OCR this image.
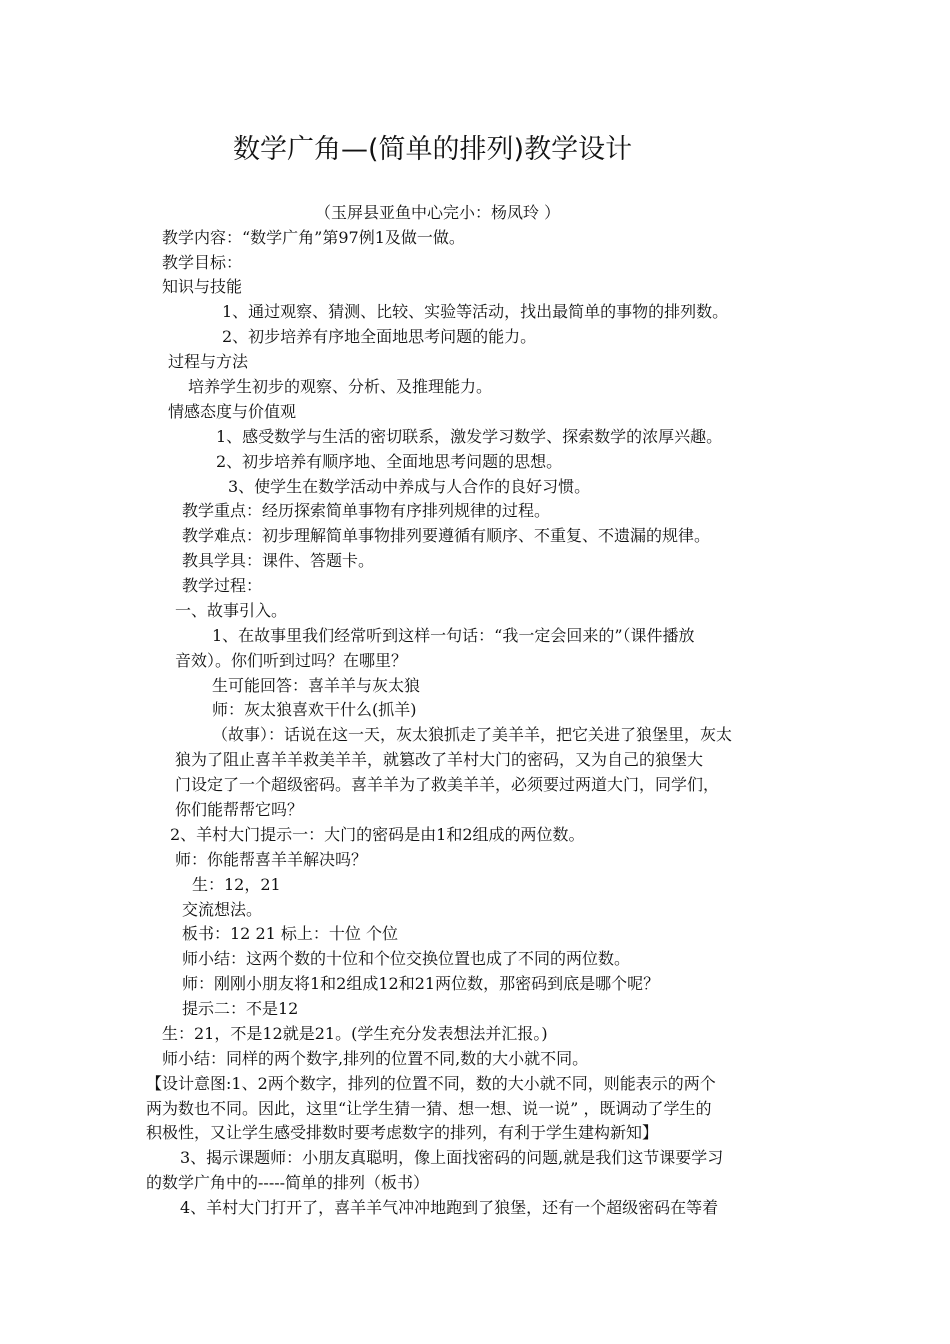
数学广角—(简单的排列)教学设计
（玉屏县亚鱼中心完小：杨凤玲 ）
教学内容：“数学广角”第97例1及做一做。
教学目标：
知识与技能
1、通过观察、猜测、比较、实验等活动，找出最简单的事物的排列数。
2、初步培养有序地全面地思考问题的能力。
过程与方法
培养学生初步的观察、分析、及推理能力。
情感态度与价值观
1、感受数学与生活的密切联系，激发学习数学、探索数学的浓厚兴趣。
2、初步培养有顺序地、全面地思考问题的思想。
3、使学生在数学活动中养成与人合作的良好习惯。
教学重点：经历探索简单事物有序排列规律的过程。
教学难点：初步理解简单事物排列要遵循有顺序、不重复、不遗漏的规律。
教具学具：课件、答题卡。
教学过程：
一、故事引入。
1、在故事里我们经常听到这样一句话：“我一定会回来的”（课件播放
音效）。你们听到过吗？在哪里？
生可能回答：喜羊羊与灰太狼
师：灰太狼喜欢干什么(抓羊)
（故事）：话说在这一天，灰太狼抓走了美羊羊，把它关进了狼堡里，灰太
狼为了阻止喜羊羊救美羊羊，就篡改了羊村大门的密码，又为自己的狼堡大
门设定了一个超级密码。喜羊羊为了救美羊羊，必须要过两道大门，同学们，
你们能帮帮它吗？
2、羊村大门提示一：大门的密码是由1和2组成的两位数。
师：你能帮喜羊羊解决吗？
生：12，21
交流想法。
板书：12 21 标上：十位 个位
师小结：这两个数的十位和个位交换位置也成了不同的两位数。
师：刚刚小朋友将1和2组成12和21两位数，那密码到底是哪个呢？
提示二：不是12
生：21，不是12就是21。(学生充分发表想法并汇报。)
师小结：同样的两个数字,排列的位置不同,数的大小就不同。
【设计意图:1、2两个数字，排列的位置不同，数的大小就不同，则能表示的两个
两为数也不同。因此，这里“让学生猜一猜、想一想、说一说” ，既调动了学生的
积极性，又让学生感受排数时要考虑数字的排列，有利于学生建构新知】
3、揭示课题师：小朋友真聪明，像上面找密码的问题,就是我们这节课要学习
的数学广角中的-----简单的排列（板书）
4、羊村大门打开了，喜羊羊气冲冲地跑到了狼堡，还有一个超级密码在等着
